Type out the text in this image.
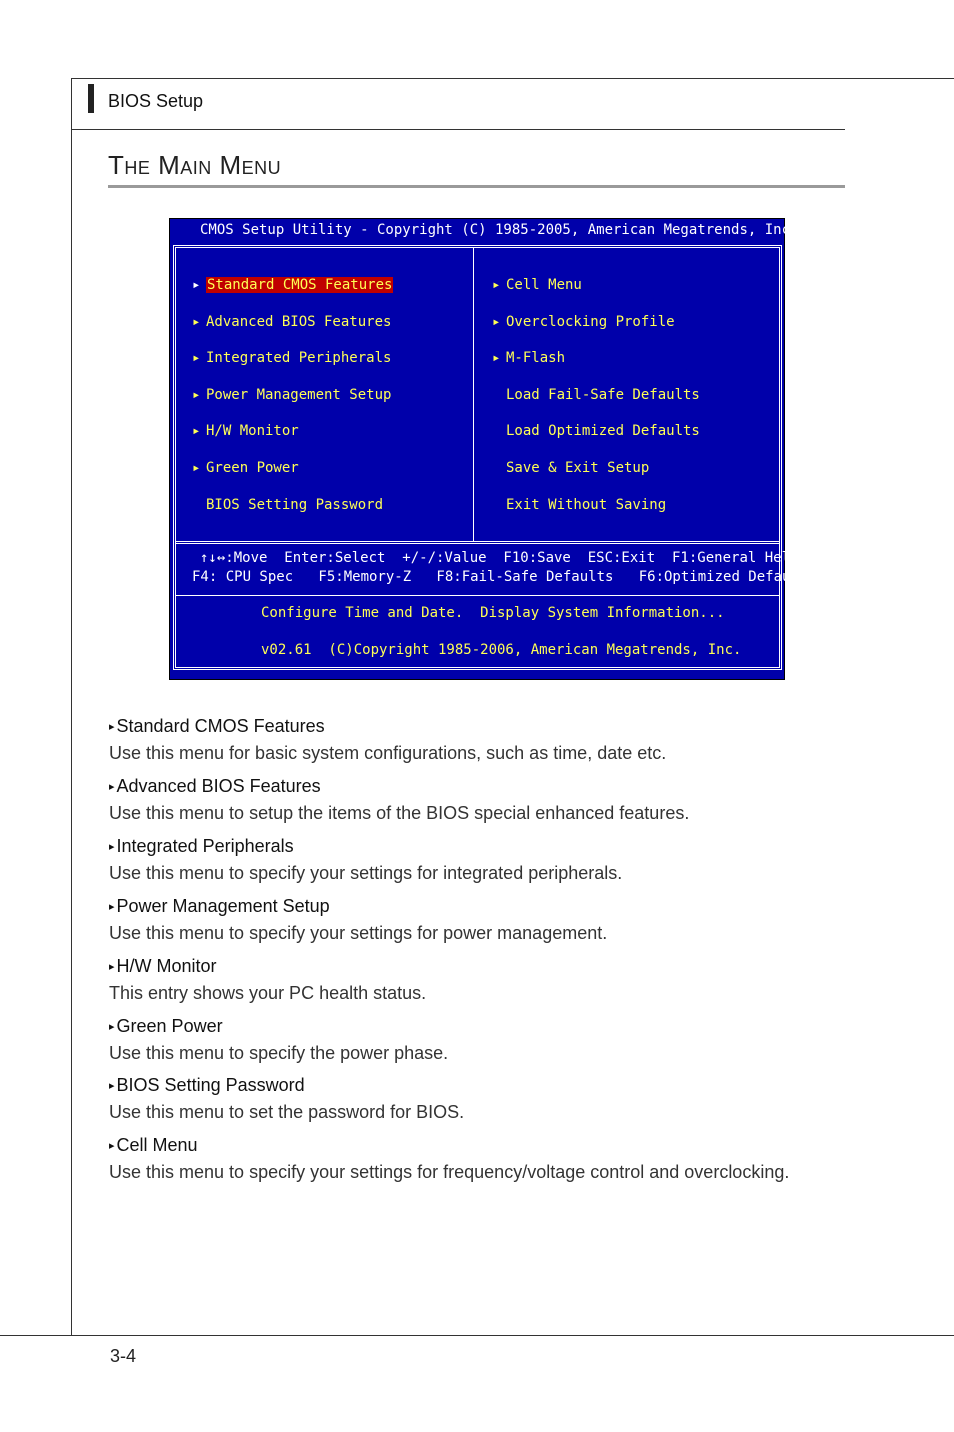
BIOS Setup
The Main Menu
CMOS Setup Utility - Copyright (C) 1985-2005, American Megatrends, Inc.
▸ Standard CMOS Features
▸ Advanced BIOS Features
▸ Integrated Peripherals
▸ Power Management Setup
▸ H/W Monitor
▸ Green Power
BIOS Setting Password
▸ Cell Menu
▸ Overclocking Profile
▸ M-Flash
Load Fail-Safe Defaults
Load Optimized Defaults
Save & Exit Setup
Exit Without Saving
↑↓↔:Move  Enter:Select  +/-/:Value  F10:Save  ESC:Exit  F1:General Help
F4: CPU Spec   F5:Memory-Z   F8:Fail-Safe Defaults   F6:Optimized Defaults
Configure Time and Date.  Display System Information...
v02.61  (C)Copyright 1985-2006, American Megatrends, Inc.
▸ Standard CMOS Features
Use this menu for basic system configurations, such as time, date etc.
▸ Advanced BIOS Features
Use this menu to setup the items of the BIOS special enhanced features.
▸ Integrated Peripherals
Use this menu to specify your settings for integrated peripherals.
▸ Power Management Setup
Use this menu to specify your settings for power management.
▸ H/W Monitor
This entry shows your PC health status.
▸ Green Power
Use this menu to specify the power phase.
▸ BIOS Setting Password
Use this menu to set the password for BIOS.
▸ Cell Menu
Use this menu to specify your settings for frequency/voltage control and overclocking.
3-4
